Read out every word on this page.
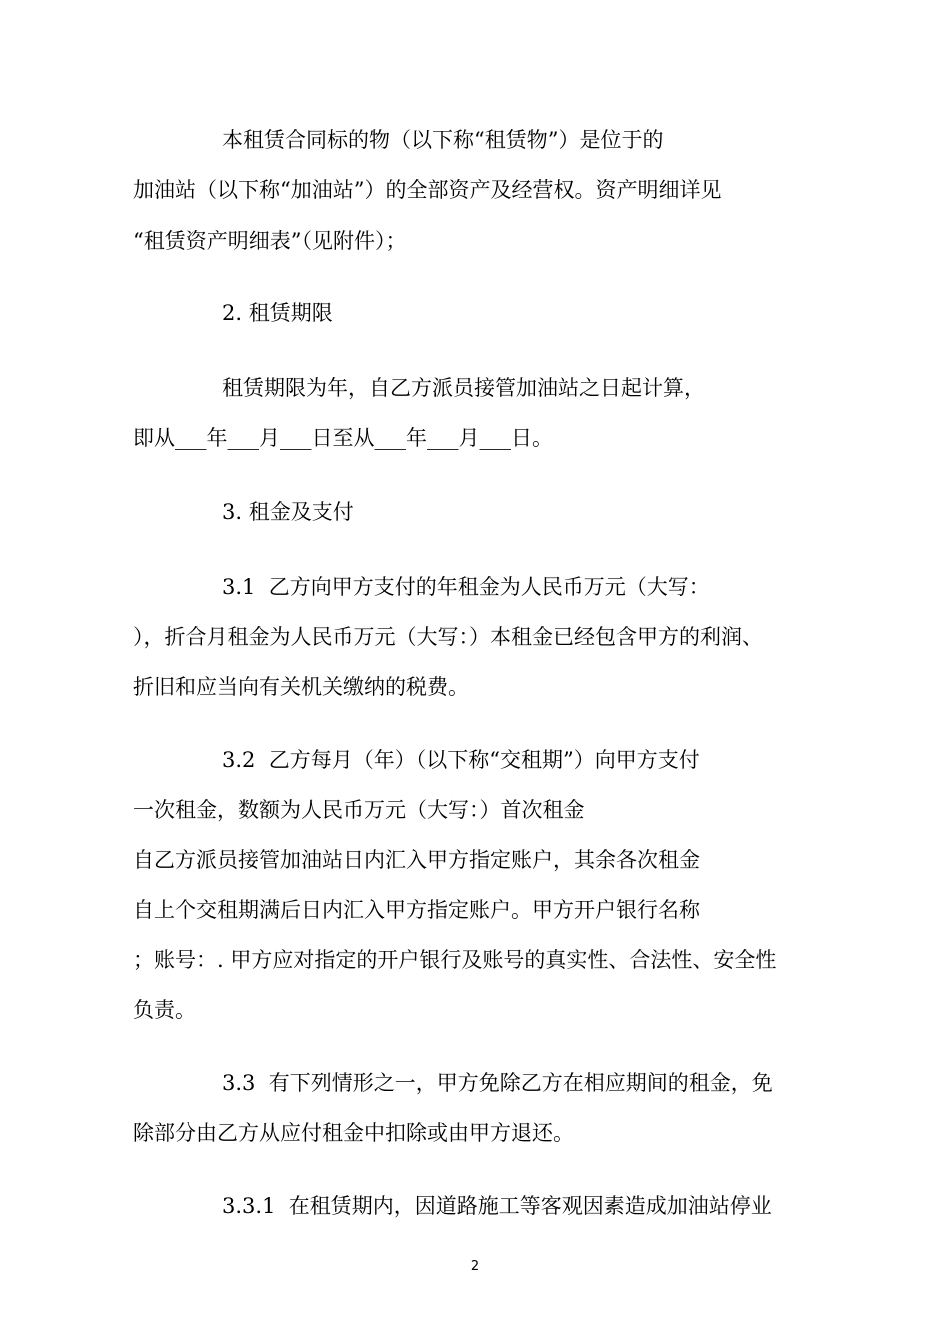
本租赁合同标的物（以下称“租赁物”）是位于的
加油站（以下称“加油站”）的全部资产及经营权。资产明细详见
“租赁资产明细表”（见附件）；
2. 租赁期限
租赁期限为年，自乙方派员接管加油站之日起计算，
即从___年___月___日至从___年___月___日。
3. 租金及支付
3.1  乙方向甲方支付的年租金为人民币万元（大写：
），折合月租金为人民币万元（大写：）本租金已经包含甲方的利润、
折旧和应当向有关机关缴纳的税费。
3.2  乙方每月（年）（以下称“交租期”）向甲方支付
一次租金，数额为人民币万元（大写：）首次租金
自乙方派员接管加油站日内汇入甲方指定账户，其余各次租金
自上个交租期满后日内汇入甲方指定账户。甲方开户银行名称
；账号：. 甲方应对指定的开户银行及账号的真实性、合法性、安全性
负责。
3.3  有下列情形之一，甲方免除乙方在相应期间的租金，免
除部分由乙方从应付租金中扣除或由甲方退还。
3.3.1  在租赁期内，因道路施工等客观因素造成加油站停业
2
